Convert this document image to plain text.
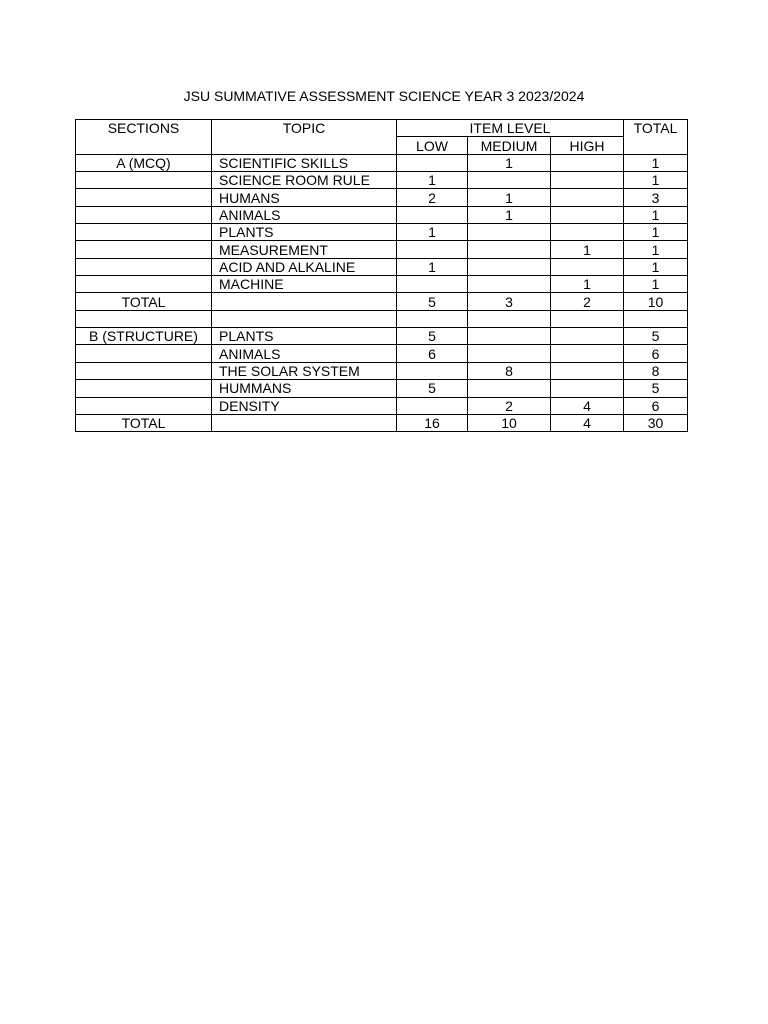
JSU SUMMATIVE ASSESSMENT SCIENCE YEAR 3 2023/2024
SECTIONS	TOPIC	ITEM LEVEL			TOTAL
		LOW	MEDIUM	HIGH	
A (MCQ)	SCIENTIFIC SKILLS		1		1
	SCIENCE ROOM RULE	1			1
	HUMANS	2	1		3
	ANIMALS		1		1
	PLANTS	1			1
	MEASUREMENT			1	1
	ACID AND ALKALINE	1			1
	MACHINE			1	1
TOTAL		5	3	2	10

B (STRUCTURE)	PLANTS	5			5
	ANIMALS	6			6
	THE SOLAR SYSTEM		8		8
	HUMMANS	5			5
	DENSITY		2	4	6
TOTAL		16	10	4	30
